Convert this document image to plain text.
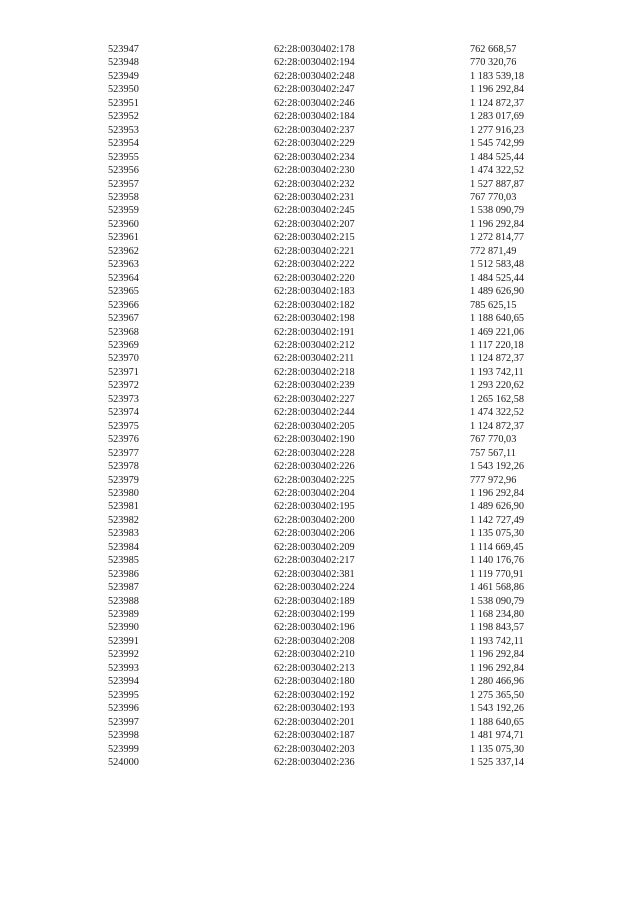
523947	62:28:0030402:178	762 668,57
523948	62:28:0030402:194	770 320,76
523949	62:28:0030402:248	1 183 539,18
523950	62:28:0030402:247	1 196 292,84
523951	62:28:0030402:246	1 124 872,37
523952	62:28:0030402:184	1 283 017,69
523953	62:28:0030402:237	1 277 916,23
523954	62:28:0030402:229	1 545 742,99
523955	62:28:0030402:234	1 484 525,44
523956	62:28:0030402:230	1 474 322,52
523957	62:28:0030402:232	1 527 887,87
523958	62:28:0030402:231	767 770,03
523959	62:28:0030402:245	1 538 090,79
523960	62:28:0030402:207	1 196 292,84
523961	62:28:0030402:215	1 272 814,77
523962	62:28:0030402:221	772 871,49
523963	62:28:0030402:222	1 512 583,48
523964	62:28:0030402:220	1 484 525,44
523965	62:28:0030402:183	1 489 626,90
523966	62:28:0030402:182	785 625,15
523967	62:28:0030402:198	1 188 640,65
523968	62:28:0030402:191	1 469 221,06
523969	62:28:0030402:212	1 117 220,18
523970	62:28:0030402:211	1 124 872,37
523971	62:28:0030402:218	1 193 742,11
523972	62:28:0030402:239	1 293 220,62
523973	62:28:0030402:227	1 265 162,58
523974	62:28:0030402:244	1 474 322,52
523975	62:28:0030402:205	1 124 872,37
523976	62:28:0030402:190	767 770,03
523977	62:28:0030402:228	757 567,11
523978	62:28:0030402:226	1 543 192,26
523979	62:28:0030402:225	777 972,96
523980	62:28:0030402:204	1 196 292,84
523981	62:28:0030402:195	1 489 626,90
523982	62:28:0030402:200	1 142 727,49
523983	62:28:0030402:206	1 135 075,30
523984	62:28:0030402:209	1 114 669,45
523985	62:28:0030402:217	1 140 176,76
523986	62:28:0030402:381	1 119 770,91
523987	62:28:0030402:224	1 461 568,86
523988	62:28:0030402:189	1 538 090,79
523989	62:28:0030402:199	1 168 234,80
523990	62:28:0030402:196	1 198 843,57
523991	62:28:0030402:208	1 193 742,11
523992	62:28:0030402:210	1 196 292,84
523993	62:28:0030402:213	1 196 292,84
523994	62:28:0030402:180	1 280 466,96
523995	62:28:0030402:192	1 275 365,50
523996	62:28:0030402:193	1 543 192,26
523997	62:28:0030402:201	1 188 640,65
523998	62:28:0030402:187	1 481 974,71
523999	62:28:0030402:203	1 135 075,30
524000	62:28:0030402:236	1 525 337,14
